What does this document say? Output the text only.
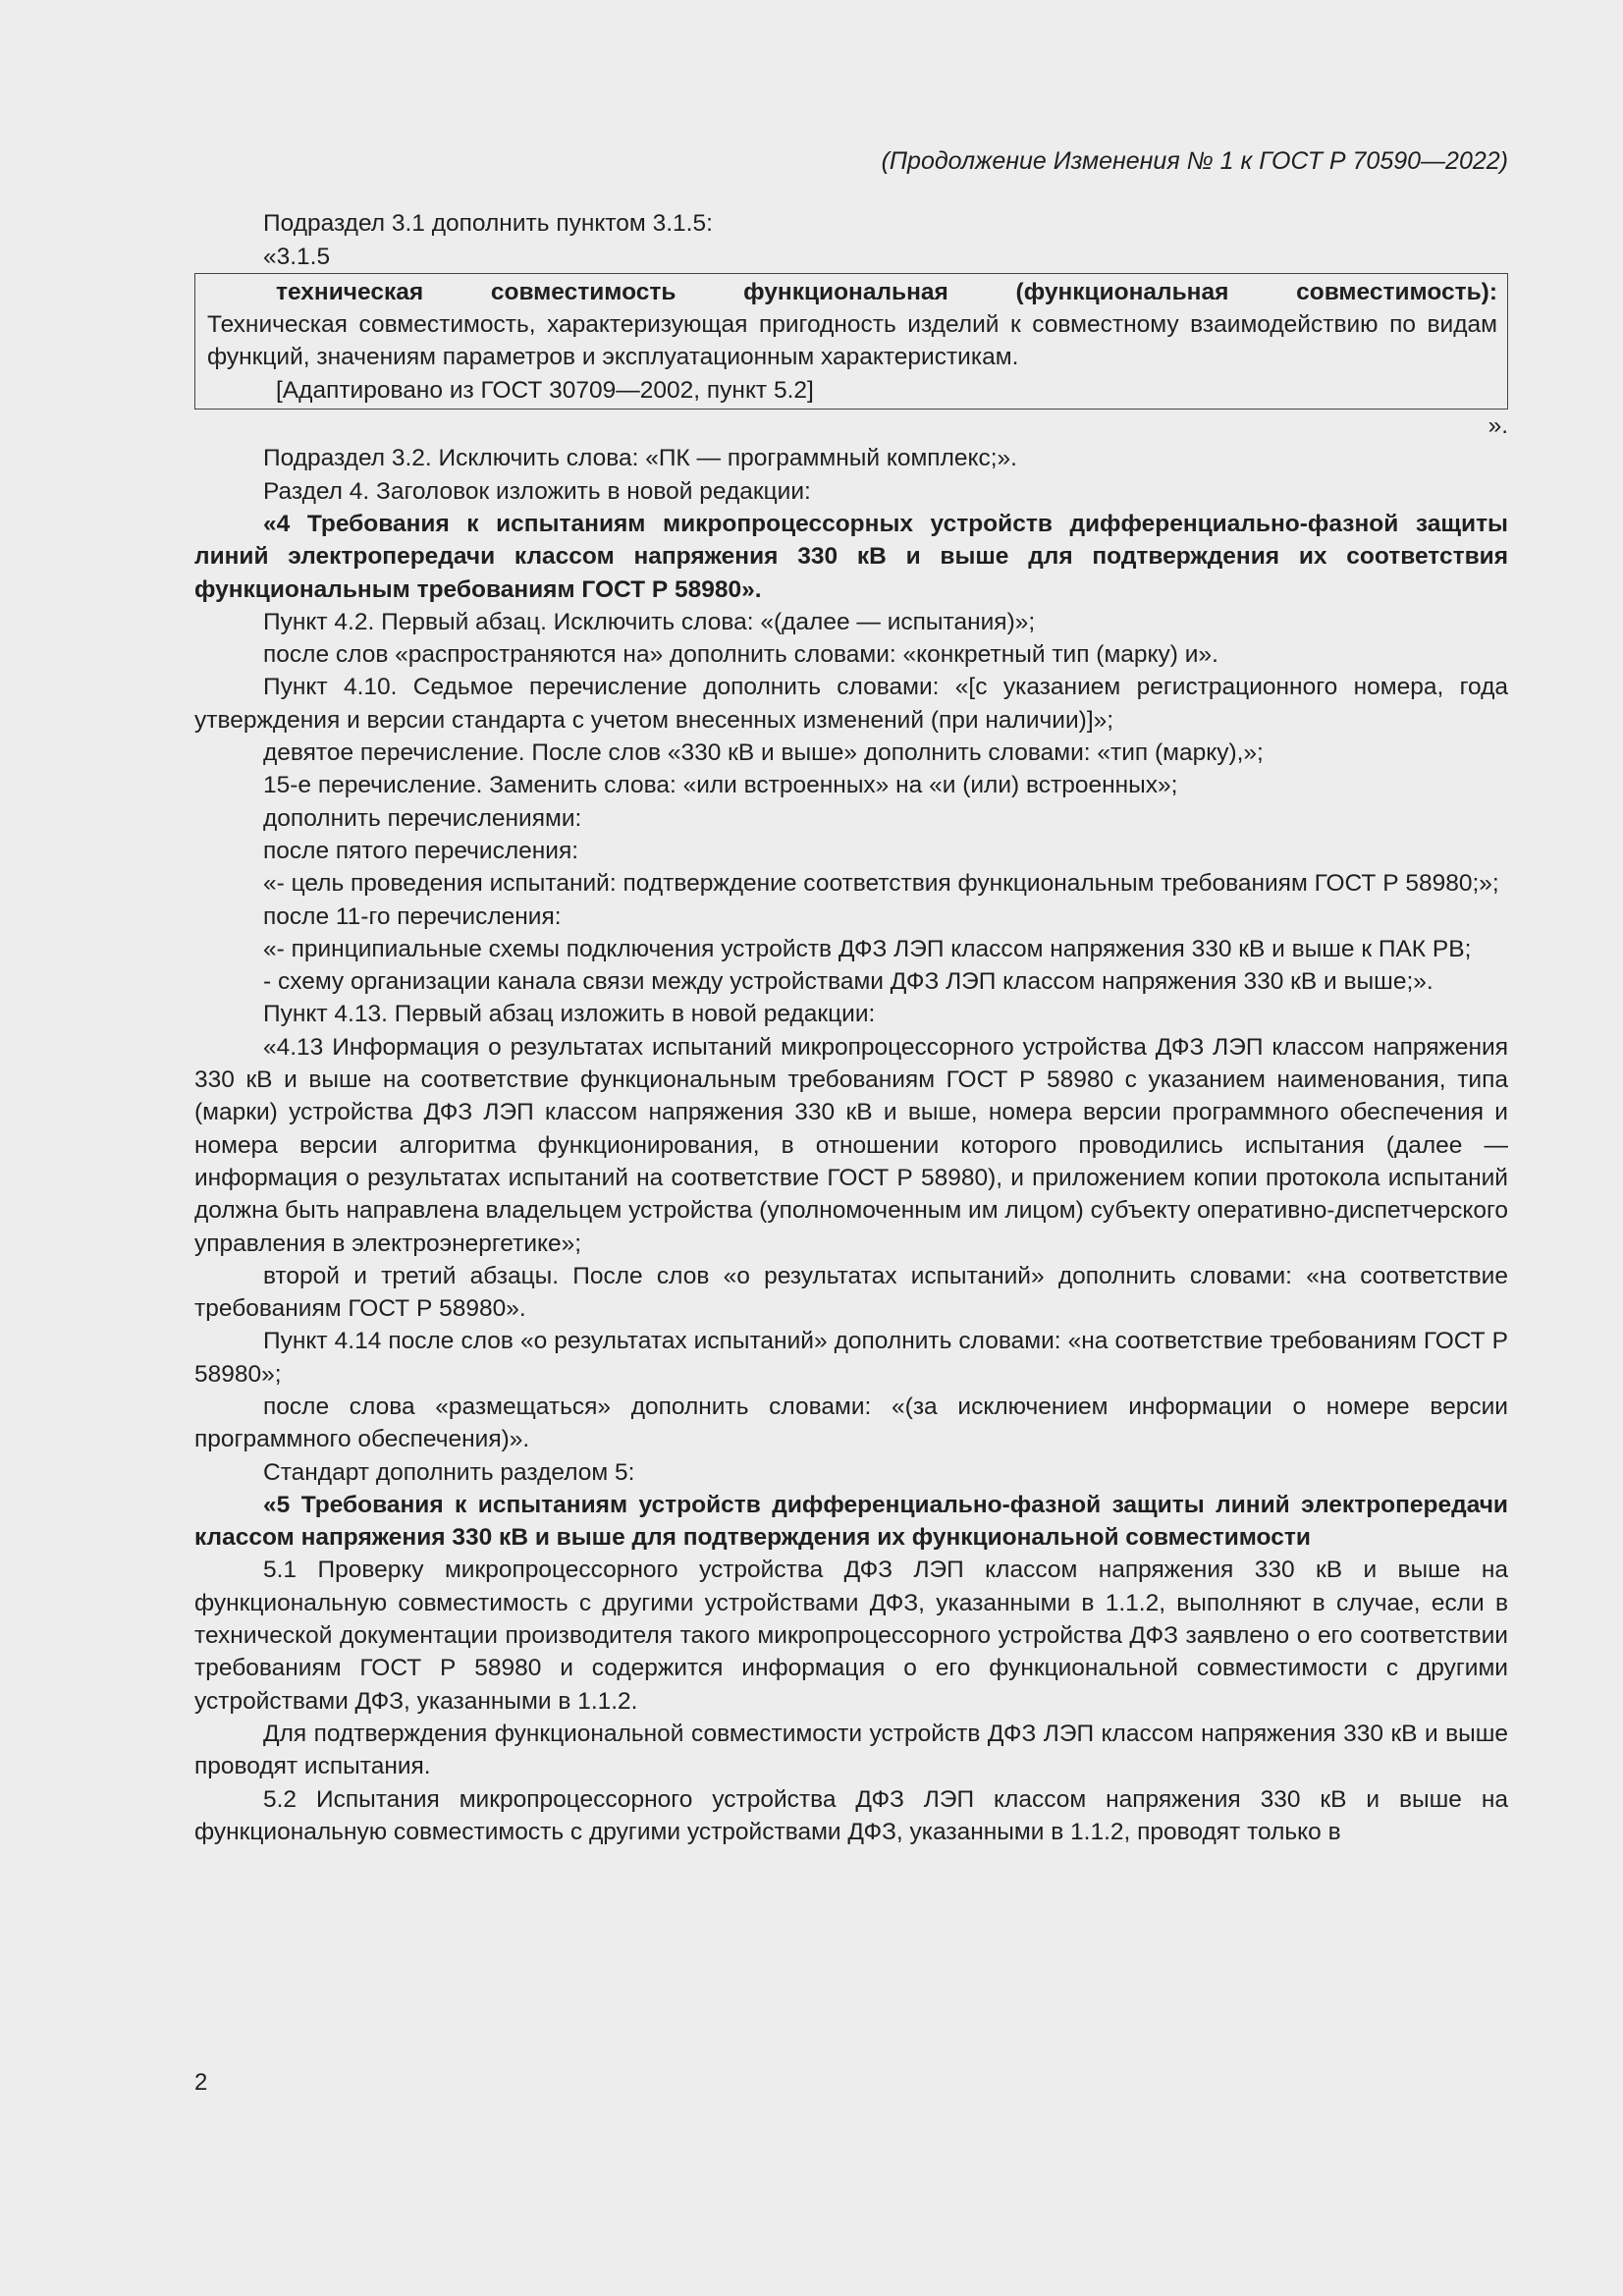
(Продолжение Изменения № 1 к ГОСТ Р 70590—2022)

Подраздел 3.1 дополнить пунктом 3.1.5:

«3.1.5

техническая совместимость функциональная (функциональная совместимость):

Техническая совместимость, характеризующая пригодность изделий к совместному взаимодействию по видам функций, значениям параметров и эксплуатационным характеристикам.

[Адаптировано из ГОСТ 30709—2002, пункт 5.2]

».

Подраздел 3.2. Исключить слова: «ПК — программный комплекс;».

Раздел 4. Заголовок изложить в новой редакции:

«4 Требования к испытаниям микропроцессорных устройств дифференциально-фазной защиты линий электропередачи классом напряжения 330 кВ и выше для подтверждения их соответствия функциональным требованиям ГОСТ Р 58980».

Пункт 4.2. Первый абзац. Исключить слова: «(далее — испытания)»;

после слов «распространяются на» дополнить словами: «конкретный тип (марку) и».

Пункт 4.10. Седьмое перечисление дополнить словами: «[с указанием регистрационного номера, года утверждения и версии стандарта с учетом внесенных изменений (при наличии)]»;

девятое перечисление. После слов «330 кВ и выше» дополнить словами: «тип (марку),»;

15-е перечисление. Заменить слова: «или встроенных» на «и (или) встроенных»;

дополнить перечислениями:

после пятого перечисления:

«- цель проведения испытаний: подтверждение соответствия функциональным требованиям ГОСТ Р 58980;»;

после 11-го перечисления:

«- принципиальные схемы подключения устройств ДФЗ ЛЭП классом напряжения 330 кВ и выше к ПАК РВ;

- схему организации канала связи между устройствами ДФЗ ЛЭП классом напряжения 330 кВ и выше;».

Пункт 4.13. Первый абзац изложить в новой редакции:

«4.13 Информация о результатах испытаний микропроцессорного устройства ДФЗ ЛЭП классом напряжения 330 кВ и выше на соответствие функциональным требованиям ГОСТ Р 58980 с указанием наименования, типа (марки) устройства ДФЗ ЛЭП классом напряжения 330 кВ и выше, номера версии программного обеспечения и номера версии алгоритма функционирования, в отношении которого проводились испытания (далее — информация о результатах испытаний на соответствие ГОСТ Р 58980), и приложением копии протокола испытаний должна быть направлена владельцем устройства (уполномоченным им лицом) субъекту оперативно-диспетчерского управления в электроэнергетике»;

второй и третий абзацы. После слов «о результатах испытаний» дополнить словами: «на соответствие требованиям ГОСТ Р 58980».

Пункт 4.14 после слов «о результатах испытаний» дополнить словами: «на соответствие требованиям ГОСТ Р 58980»;

после слова «размещаться» дополнить словами: «(за исключением информации о номере версии программного обеспечения)».

Стандарт дополнить разделом 5:

«5 Требования к испытаниям устройств дифференциально-фазной защиты линий электропередачи классом напряжения 330 кВ и выше для подтверждения их функциональной совместимости

5.1 Проверку микропроцессорного устройства ДФЗ ЛЭП классом напряжения 330 кВ и выше на функциональную совместимость с другими устройствами ДФЗ, указанными в 1.1.2, выполняют в случае, если в технической документации производителя такого микропроцессорного устройства ДФЗ заявлено о его соответствии требованиям ГОСТ Р 58980 и содержится информация о его функциональной совместимости с другими устройствами ДФЗ, указанными в 1.1.2.

Для подтверждения функциональной совместимости устройств ДФЗ ЛЭП классом напряжения 330 кВ и выше проводят испытания.

5.2 Испытания микропроцессорного устройства ДФЗ ЛЭП классом напряжения 330 кВ и выше на функциональную совместимость с другими устройствами ДФЗ, указанными в 1.1.2, проводят только в

2
